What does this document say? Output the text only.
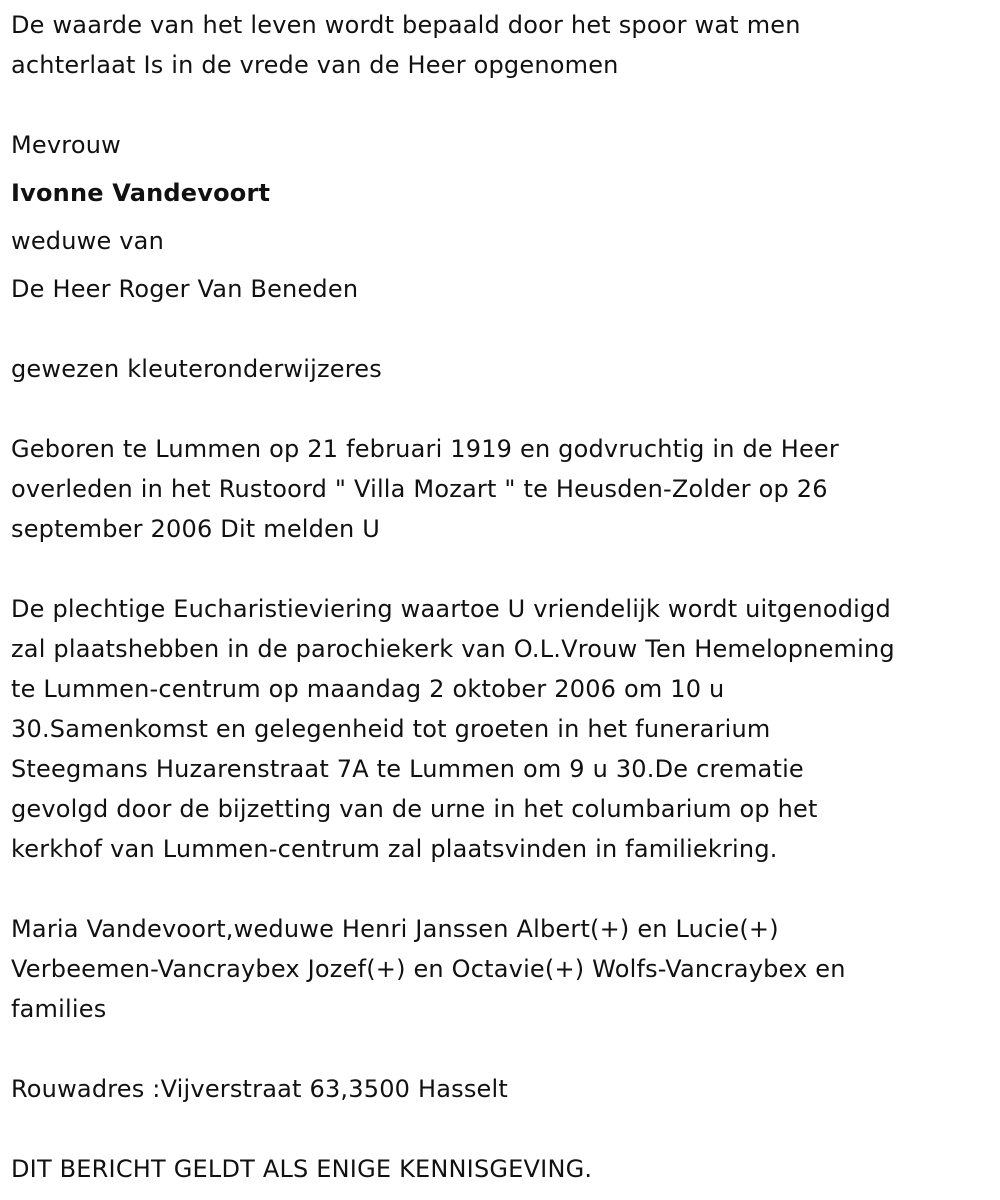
De waarde van het leven wordt bepaald door het spoor wat men
achterlaat Is in de vrede van de Heer opgenomen
Mevrouw
Ivonne Vandevoort
weduwe van
De Heer Roger Van Beneden
gewezen kleuteronderwijzeres
Geboren te Lummen op 21 februari 1919 en godvruchtig in de Heer
overleden in het Rustoord " Villa Mozart " te Heusden-Zolder op 26
september 2006 Dit melden U
De plechtige Eucharistieviering waartoe U vriendelijk wordt uitgenodigd
zal plaatshebben in de parochiekerk van O.L.Vrouw Ten Hemelopneming
te Lummen-centrum op maandag 2 oktober 2006 om 10 u
30.Samenkomst en gelegenheid tot groeten in het funerarium
Steegmans Huzarenstraat 7A te Lummen om 9 u 30.De crematie
gevolgd door de bijzetting van de urne in het columbarium op het
kerkhof van Lummen-centrum zal plaatsvinden in familiekring.
Maria Vandevoort,weduwe Henri Janssen Albert(+) en Lucie(+)
Verbeemen-Vancraybex Jozef(+) en Octavie(+) Wolfs-Vancraybex en
families
Rouwadres :Vijverstraat 63,3500 Hasselt
DIT BERICHT GELDT ALS ENIGE KENNISGEVING.
